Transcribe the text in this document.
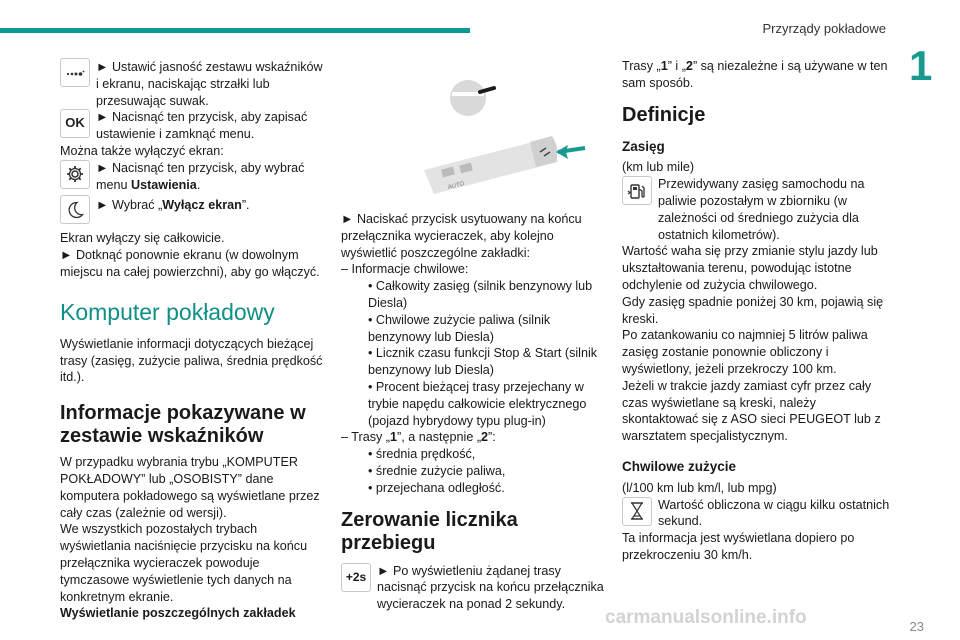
Przyrządy pokładowe
1

► Ustawić jasność zestawu wskaźników i ekranu, naciskając strzałki lub przesuwając suwak.

OK ► Nacisnąć ten przycisk, aby zapisać ustawienie i zamknąć menu.

Można także wyłączyć ekran:

► Nacisnąć ten przycisk, aby wybrać menu Ustawienia.

► Wybrać „Wyłącz ekran”.

Ekran wyłączy się całkowicie.

► Dotknąć ponownie ekranu (w dowolnym miejscu na całej powierzchni), aby go włączyć.

Komputer pokładowy

Wyświetlanie informacji dotyczących bieżącej trasy (zasięg, zużycie paliwa, średnia prędkość itd.).

Informacje pokazywane w zestawie wskaźników

W przypadku wybrania trybu „KOMPUTER POKŁADOWY” lub „OSOBISTY” dane komputera pokładowego są wyświetlane przez cały czas (zależnie od wersji).

We wszystkich pozostałych trybach wyświetlania naciśnięcie przycisku na końcu przełącznika wycieraczek powoduje tymczasowe wyświetlenie tych danych na konkretnym ekranie.

Wyświetlanie poszczególnych zakładek

AUTO

► Naciskać przycisk usytuowany na końcu przełącznika wycieraczek, aby kolejno wyświetlić poszczególne zakładki:

– Informacje chwilowe:

• Całkowity zasięg (silnik benzynowy lub Diesla)
• Chwilowe zużycie paliwa (silnik benzynowy lub Diesla)
• Licznik czasu funkcji Stop & Start (silnik benzynowy lub Diesla)
• Procent bieżącej trasy przejechany w trybie napędu całkowicie elektrycznego (pojazd hybrydowy typu plug-in)

– Trasy „1”, a następnie „2”:

• średnia prędkość,
• średnie zużycie paliwa,
• przejechana odległość.
Zerowanie licznika przebiegu
+2s ► Po wyświetleniu żądanej trasy nacisnąć przycisk na końcu przełącznika wycieraczek na ponad 2 sekundy.

Trasy „1” i „2” są niezależne i są używane w ten sam sposób.

Definicje
Zasięg

(km lub mile)

Przewidywany zasięg samochodu na paliwie pozostałym w zbiorniku (w zależności od średniego zużycia dla ostatnich kilometrów).

Wartość waha się przy zmianie stylu jazdy lub ukształtowania terenu, powodując istotne odchylenie od zużycia chwilowego.

Gdy zasięg spadnie poniżej 30 km, pojawią się kreski.

Po zatankowaniu co najmniej 5 litrów paliwa zasięg zostanie ponownie obliczony i wyświetlony, jeżeli przekroczy 100 km.

Jeżeli w trakcie jazdy zamiast cyfr przez cały czas wyświetlane są kreski, należy skontaktować się z ASO sieci PEUGEOT lub z warsztatem specjalistycznym.

Chwilowe zużycie

(l/100 km lub km/l, lub mpg)

Wartość obliczona w ciągu kilku ostatnich sekund.

Ta informacja jest wyświetlana dopiero po przekroczeniu 30 km/h.

carmanualsonline.info	23
